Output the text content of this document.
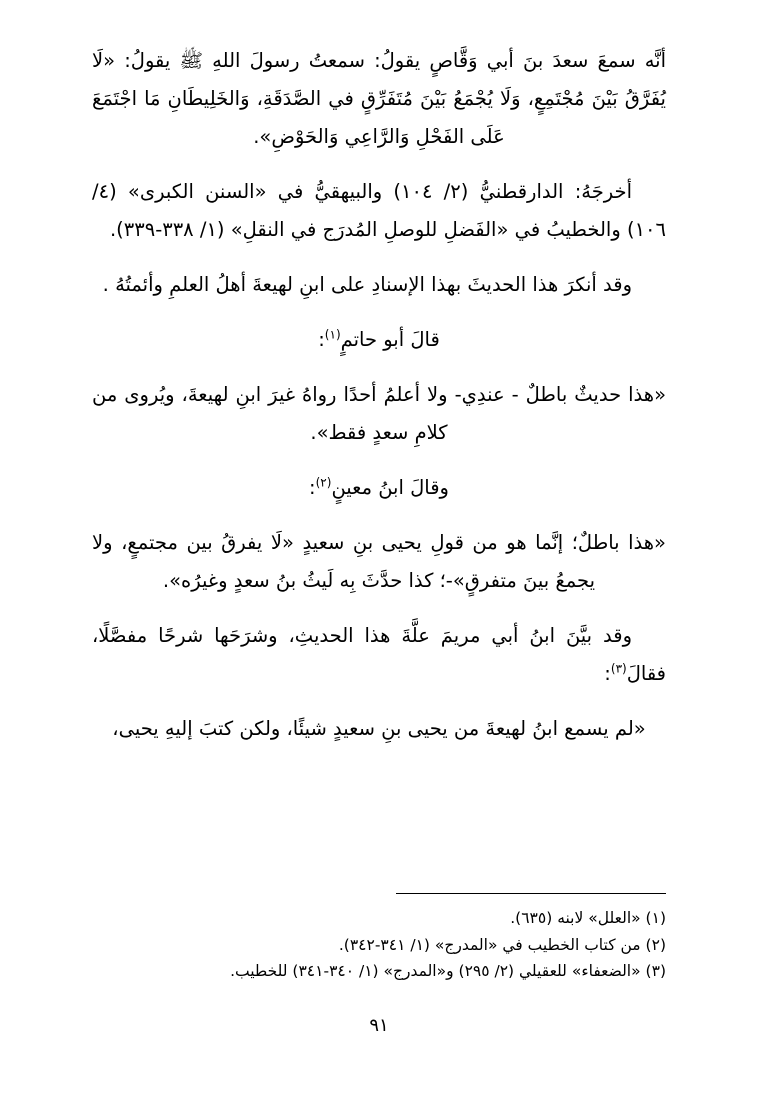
أنَّه سمعَ سعدَ بنَ أبي وَقَّاصٍ يقولُ: سمعتُ رسولَ اللهِ ﷺ يقولُ: «لَا يُفَرَّقُ بَيْنَ مُجْتَمِعٍ، وَلَا يُجْمَعُ بَيْنَ مُتَفَرِّقٍ في الصَّدَقَةِ، وَالخَلِيطَانِ مَا اجْتَمَعَ عَلَى الفَحْلِ وَالرَّاعِي وَالحَوْضِ».

أخرجَهُ: الدارقطنيُّ (٢/ ١٠٤) والبيهقيُّ في «السنن الكبرى» (٤/ ١٠٦) والخطيبُ في «الفَضلِ للوصلِ المُدرَج في النقلِ» (١/ ٣٣٨-٣٣٩).

وقد أنكرَ هذا الحديثَ بهذا الإسنادِ على ابنِ لهيعةَ أهلُ العلمِ وأئمتُهُ .

قالَ أبو حاتمٍ$^{(١)}$:

«هذا حديثٌ باطلٌ - عندِي- ولا أعلمُ أحدًا رواهُ غيرَ ابنِ لهيعةَ، ويُروى من كلامِ سعدٍ فقط».

وقالَ ابنُ معينٍ$^{(٢)}$:

«هذا باطلٌ؛ إنَّما هو من قولِ يحيى بنِ سعيدٍ «لَا يفرقُ بين مجتمعٍ، ولا يجمعُ بينَ متفرقٍ»-؛ كذا حدَّثَ بِه لَيثُ بنُ سعدٍ وغيرُه».

وقد بيَّنَ ابنُ أبي مريمَ علَّةَ هذا الحديثِ، وشرَحَها شرحًا مفصَّلًا، فقالَ$^{(٣)}$:

«لم يسمع ابنُ لهيعةَ من يحيى بنِ سعيدٍ شيئًا، ولكن كتبَ إليهِ يحيى،

(١) «العلل» لابنه (٦٣٥).

(٢) من كتاب الخطيب في «المدرج» (١/ ٣٤١-٣٤٢).

(٣) «الضعفاء» للعقيلي (٢/ ٢٩٥) و«المدرج» (١/ ٣٤٠-٣٤١) للخطيب.

٩١
